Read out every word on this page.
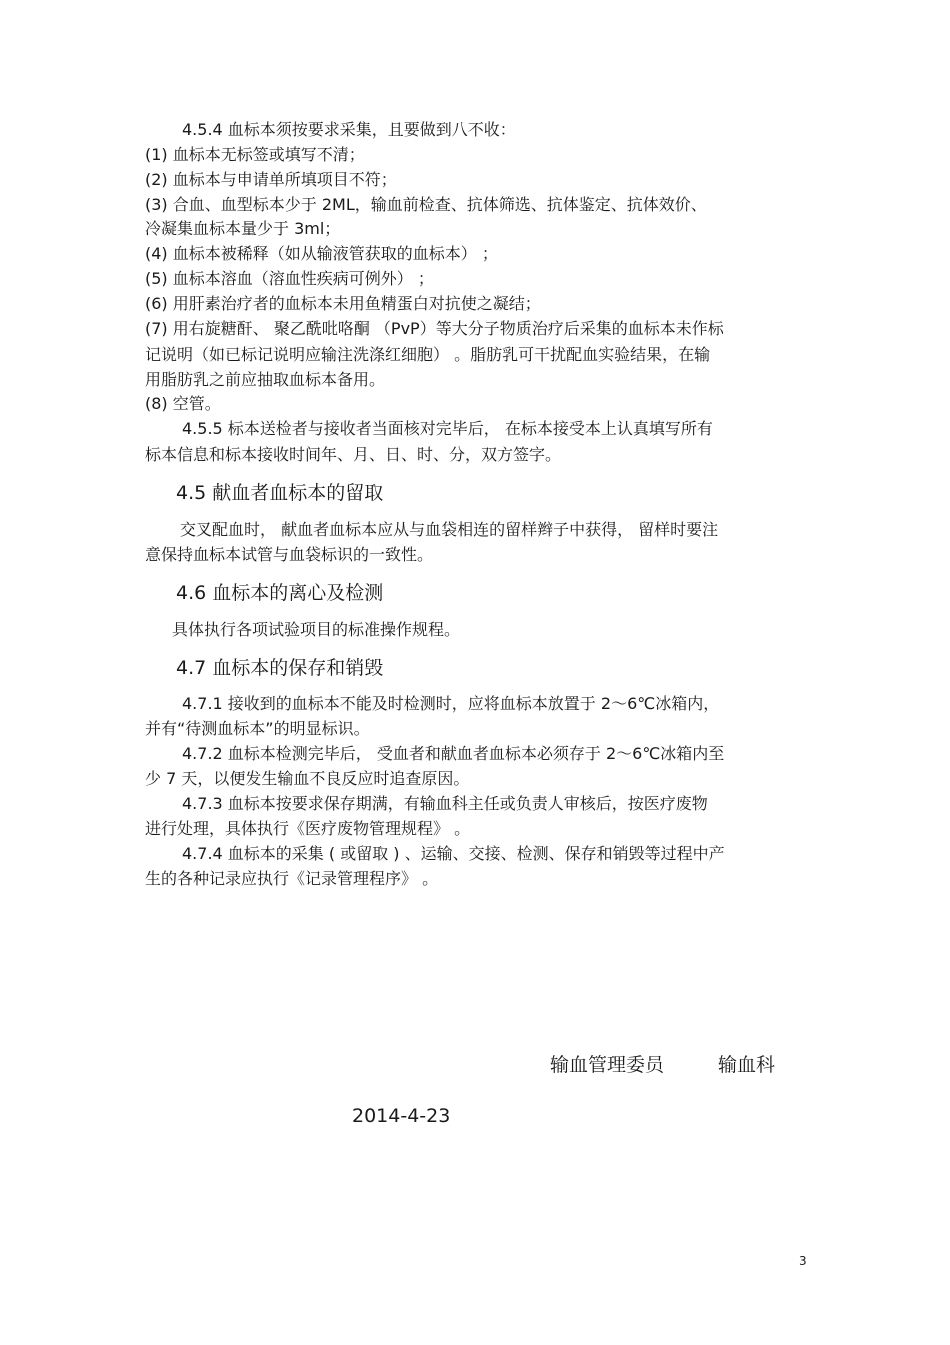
4.5.4 血标本须按要求采集，且要做到八不收：
(1) 血标本无标签或填写不清；
(2) 血标本与申请单所填项目不符；
(3) 合血、血型标本少于 2ML，输血前检查、抗体筛选、抗体鉴定、抗体效价、
冷凝集血标本量少于 3ml；
(4) 血标本被稀释（如从输液管获取的血标本） ；
(5) 血标本溶血（溶血性疾病可例外） ；
(6) 用肝素治疗者的血标本未用鱼精蛋白对抗使之凝结；
(7) 用右旋糖酐、 聚乙酰吡咯酮 （PvP）等大分子物质治疗后采集的血标本未作标
记说明（如已标记说明应输注洗涤红细胞） 。脂肪乳可干扰配血实验结果，在输
用脂肪乳之前应抽取血标本备用。
(8) 空管。
4.5.5 标本送检者与接收者当面核对完毕后， 在标本接受本上认真填写所有
标本信息和标本接收时间年、月、日、时、分，双方签字。
4.5 献血者血标本的留取
交叉配血时， 献血者血标本应从与血袋相连的留样辫子中获得， 留样时要注
意保持血标本试管与血袋标识的一致性。
4.6 血标本的离心及检测
具体执行各项试验项目的标准操作规程。
4.7 血标本的保存和销毁
4.7.1 接收到的血标本不能及时检测时，应将血标本放置于 2～6℃冰箱内，
并有“待测血标本”的明显标识。
4.7.2 血标本检测完毕后， 受血者和献血者血标本必须存于 2～6℃冰箱内至
少 7 天，以便发生输血不良反应时追查原因。
4.7.3 血标本按要求保存期满，有输血科主任或负责人审核后，按医疗废物
进行处理，具体执行《医疗废物管理规程》 。
4.7.4 血标本的采集 ( 或留取 ) 、运输、交接、检测、保存和销毁等过程中产
生的各种记录应执行《记录管理程序》 。
输血管理委员	输血科
2014-4-23
3
